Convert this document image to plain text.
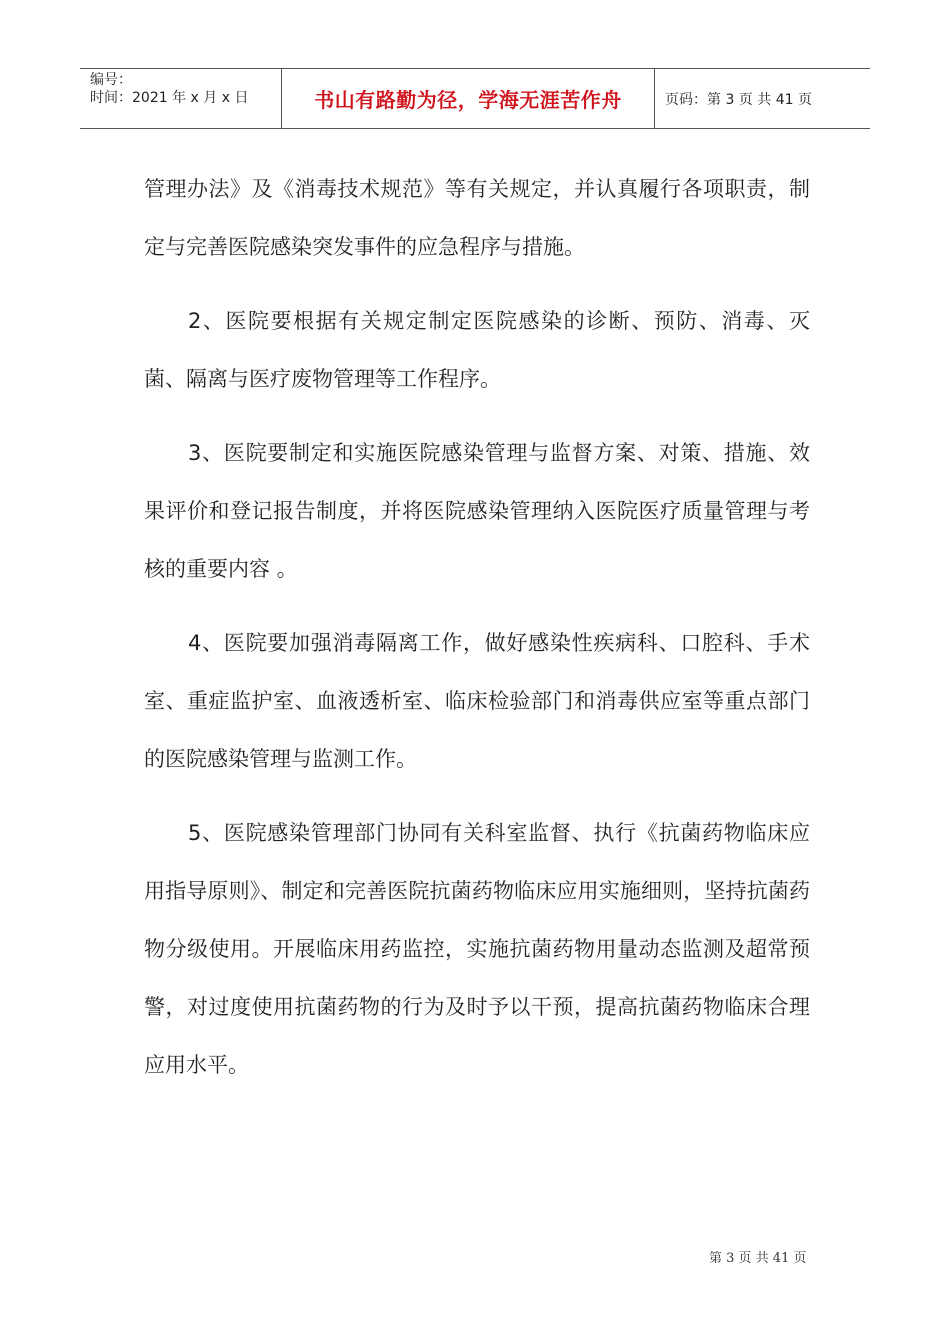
编号：
时间：2021 年 x 月 x 日	书山有路勤为径，学海无涯苦作舟	页码：第 3 页 共 41 页

管理办法》及《消毒技术规范》等有关规定，并认真履行各项职责，制定与完善医院感染突发事件的应急程序与措施。

2、医院要根据有关规定制定医院感染的诊断、预防、消毒、灭菌、隔离与医疗废物管理等工作程序。

3、医院要制定和实施医院感染管理与监督方案、对策、措施、效果评价和登记报告制度，并将医院感染管理纳入医院医疗质量管理与考核的重要内容 。

4、医院要加强消毒隔离工作，做好感染性疾病科、口腔科、手术室、重症监护室、血液透析室、临床检验部门和消毒供应室等重点部门的医院感染管理与监测工作。

5、医院感染管理部门协同有关科室监督、执行《抗菌药物临床应用指导原则》、制定和完善医院抗菌药物临床应用实施细则，坚持抗菌药物分级使用。开展临床用药监控，实施抗菌药物用量动态监测及超常预警，对过度使用抗菌药物的行为及时予以干预，提高抗菌药物临床合理应用水平。

第 3 页 共 41 页
